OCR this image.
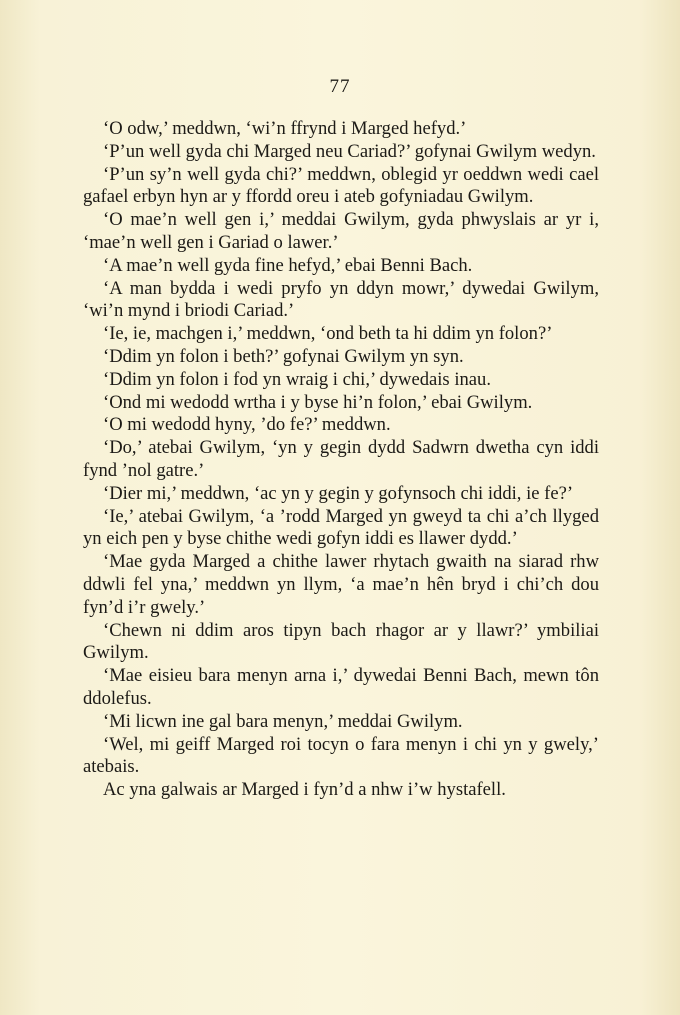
77

‘O odw,’ meddwn, ‘wi’n ffrynd i Marged hefyd.’

‘P’un well gyda chi Marged neu Cariad?’ gofynai Gwilym wedyn.

‘P’un sy’n well gyda chi?’ meddwn, oblegid yr oeddwn wedi cael gafael erbyn hyn ar y ffordd oreu i ateb gofyniadau Gwilym.

‘O mae’n well gen i,’ meddai Gwilym, gyda phwyslais ar yr i, ‘mae’n well gen i Gariad o lawer.’

‘A mae’n well gyda fine hefyd,’ ebai Benni Bach.

‘A man bydda i wedi pryfo yn ddyn mowr,’ dywedai Gwilym, ‘wi’n mynd i briodi Cariad.’

‘Ie, ie, machgen i,’ meddwn, ‘ond beth ta hi ddim yn folon?’

‘Ddim yn folon i beth?’ gofynai Gwilym yn syn.

‘Ddim yn folon i fod yn wraig i chi,’ dywedais inau.

‘Ond mi wedodd wrtha i y byse hi’n folon,’ ebai Gwilym.

‘O mi wedodd hyny, ’do fe?’ meddwn.

‘Do,’ atebai Gwilym, ‘yn y gegin dydd Sadwrn dwetha cyn iddi fynd ’nol gatre.’

‘Dier mi,’ meddwn, ‘ac yn y gegin y gofynsoch chi iddi, ie fe?’

‘Ie,’ atebai Gwilym, ‘a ’rodd Marged yn gweyd ta chi a’ch llyged yn eich pen y byse chithe wedi gofyn iddi es llawer dydd.’

‘Mae gyda Marged a chithe lawer rhytach gwaith na siarad rhw ddwli fel yna,’ meddwn yn llym, ‘a mae’n hên bryd i chi’ch dou fyn’d i’r gwely.’

‘Chewn ni ddim aros tipyn bach rhagor ar y llawr?’ ymbiliai Gwilym.

‘Mae eisieu bara menyn arna i,’ dywedai Benni Bach, mewn tôn ddolefus.

‘Mi licwn ine gal bara menyn,’ meddai Gwilym.

‘Wel, mi geiff Marged roi tocyn o fara menyn i chi yn y gwely,’ atebais.

Ac yna galwais ar Marged i fyn’d a nhw i’w hystafell.
